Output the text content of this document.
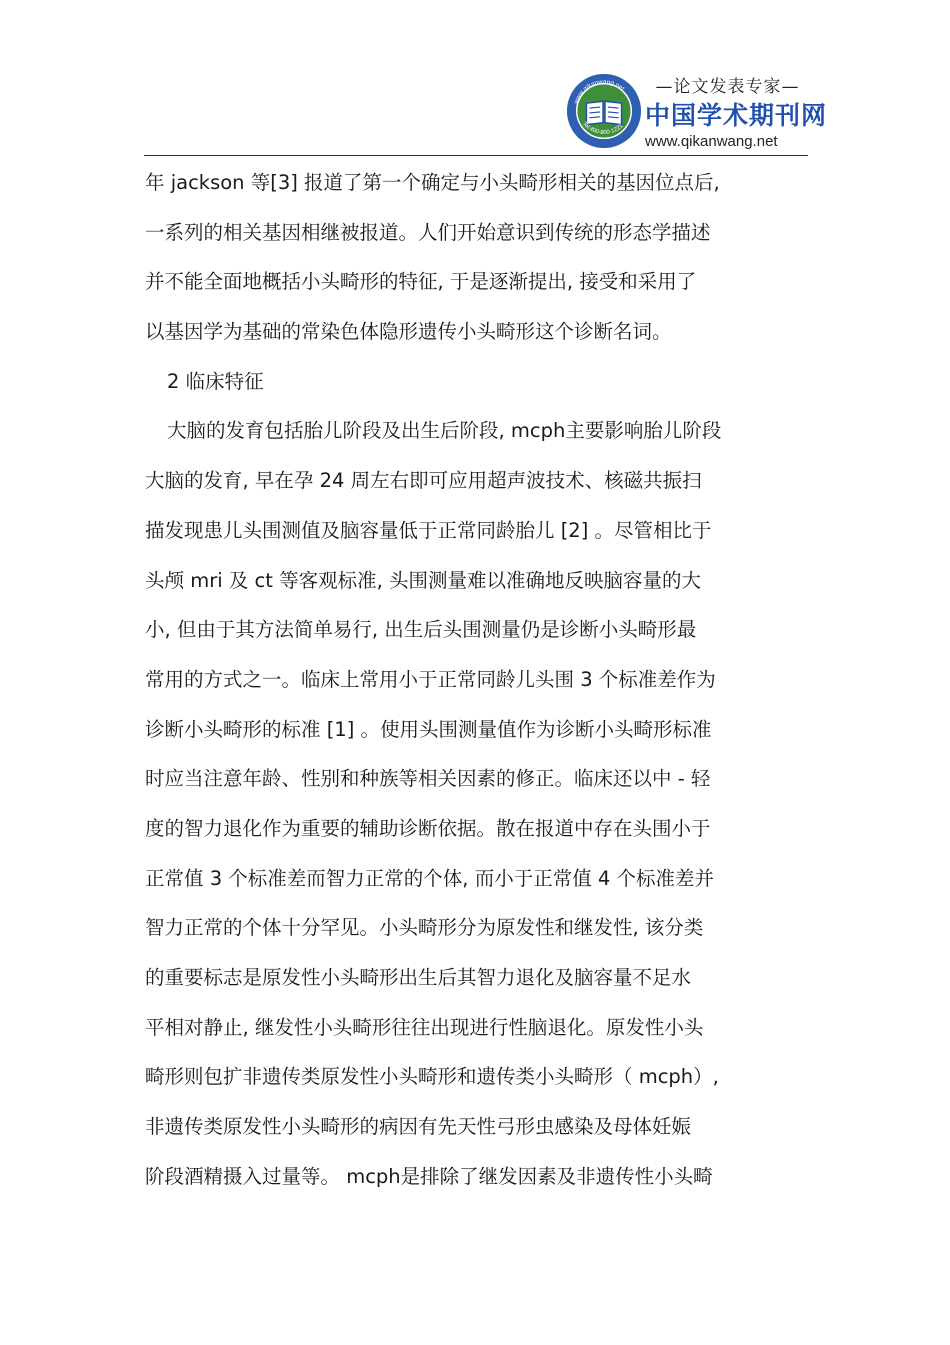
www.qikanwang.net
Tel:400-800-1221
—论文发表专家—
中国学术期刊网
www.qikanwang.net
年 jackson 等[3] 报道了第一个确定与小头畸形相关的基因位点后,
一系列的相关基因相继被报道。人们开始意识到传统的形态学描述
并不能全面地概括小头畸形的特征, 于是逐渐提出, 接受和采用了
以基因学为基础的常染色体隐形遗传小头畸形这个诊断名词。
2 临床特征
大脑的发育包括胎儿阶段及出生后阶段, mcph主要影响胎儿阶段
大脑的发育, 早在孕 24 周左右即可应用超声波技术、核磁共振扫
描发现患儿头围测值及脑容量低于正常同龄胎儿 [2] 。尽管相比于
头颅 mri 及 ct 等客观标准, 头围测量难以准确地反映脑容量的大
小, 但由于其方法简单易行, 出生后头围测量仍是诊断小头畸形最
常用的方式之一。临床上常用小于正常同龄儿头围 3 个标准差作为
诊断小头畸形的标准 [1] 。使用头围测量值作为诊断小头畸形标准
时应当注意年龄、性别和种族等相关因素的修正。临床还以中 - 轻
度的智力退化作为重要的辅助诊断依据。散在报道中存在头围小于
正常值 3 个标准差而智力正常的个体, 而小于正常值 4 个标准差并
智力正常的个体十分罕见。小头畸形分为原发性和继发性, 该分类
的重要标志是原发性小头畸形出生后其智力退化及脑容量不足水
平相对静止, 继发性小头畸形往往出现进行性脑退化。原发性小头
畸形则包扩非遗传类原发性小头畸形和遗传类小头畸形（ mcph）,
非遗传类原发性小头畸形的病因有先天性弓形虫感染及母体妊娠
阶段酒精摄入过量等。 mcph是排除了继发因素及非遗传性小头畸
